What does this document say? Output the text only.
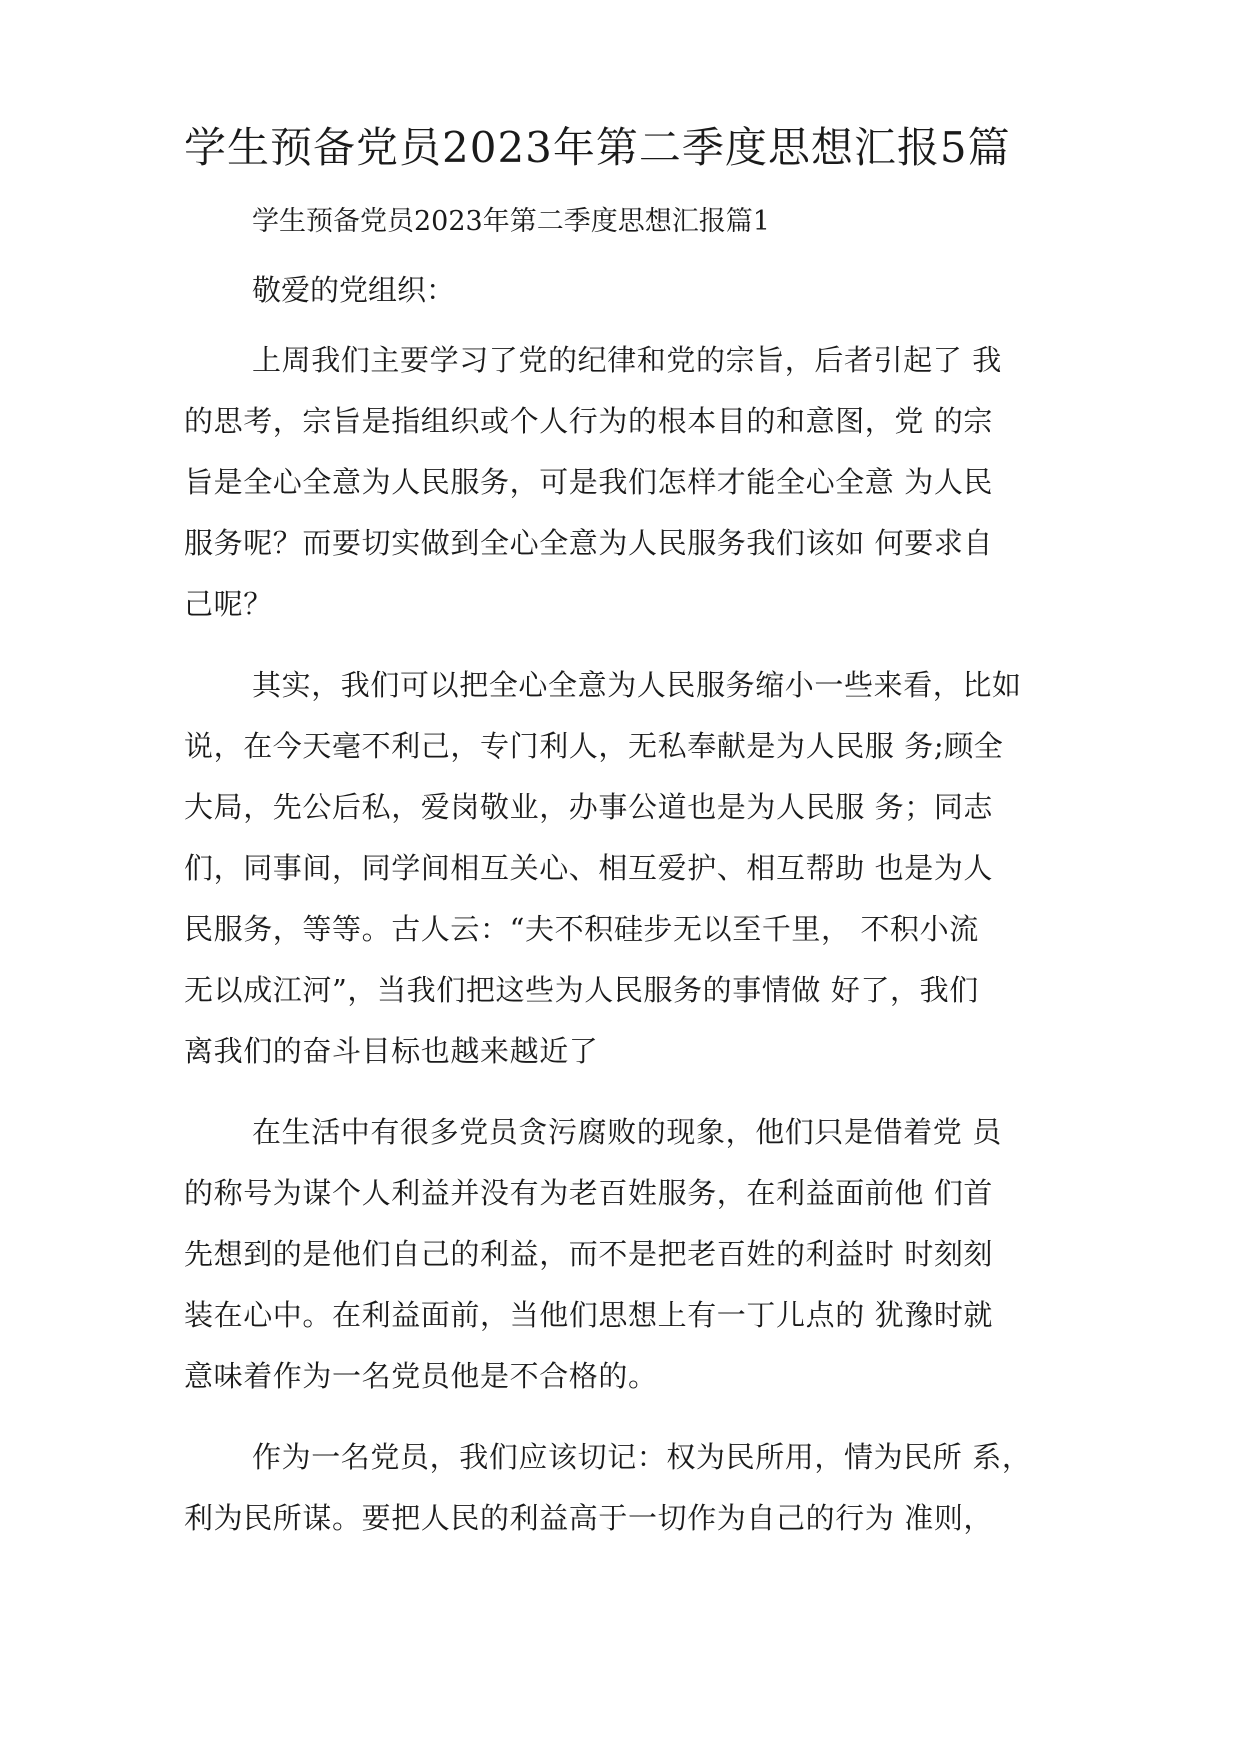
学生预备党员2023年第二季度思想汇报5篇

学生预备党员2023年第二季度思想汇报篇1

敬爱的党组织：

上周我们主要学习了党的纪律和党的宗旨，后者引起了 我
的思考，宗旨是指组织或个人行为的根本目的和意图，党 的宗
旨是全心全意为人民服务，可是我们怎样才能全心全意 为人民
服务呢？而要切实做到全心全意为人民服务我们该如 何要求自
己呢？
其实，我们可以把全心全意为人民服务缩小一些来看，比如
说，在今天毫不利己，专门利人，无私奉献是为人民服 务;顾全
大局，先公后私，爱岗敬业，办事公道也是为人民服 务；同志
们，同事间，同学间相互关心、相互爱护、相互帮助 也是为人
民服务，等等。古人云：“夫不积硅步无以至千里， 不积小流
无以成江河”，当我们把这些为人民服务的事情做 好了，我们
离我们的奋斗目标也越来越近了
在生活中有很多党员贪污腐败的现象，他们只是借着党 员
的称号为谋个人利益并没有为老百姓服务，在利益面前他 们首
先想到的是他们自己的利益，而不是把老百姓的利益时 时刻刻
装在心中。在利益面前，当他们思想上有一丁儿点的 犹豫时就
意味着作为一名党员他是不合格的。
作为一名党员，我们应该切记：权为民所用，情为民所 系，
利为民所谋。要把人民的利益高于一切作为自己的行为 准则，
